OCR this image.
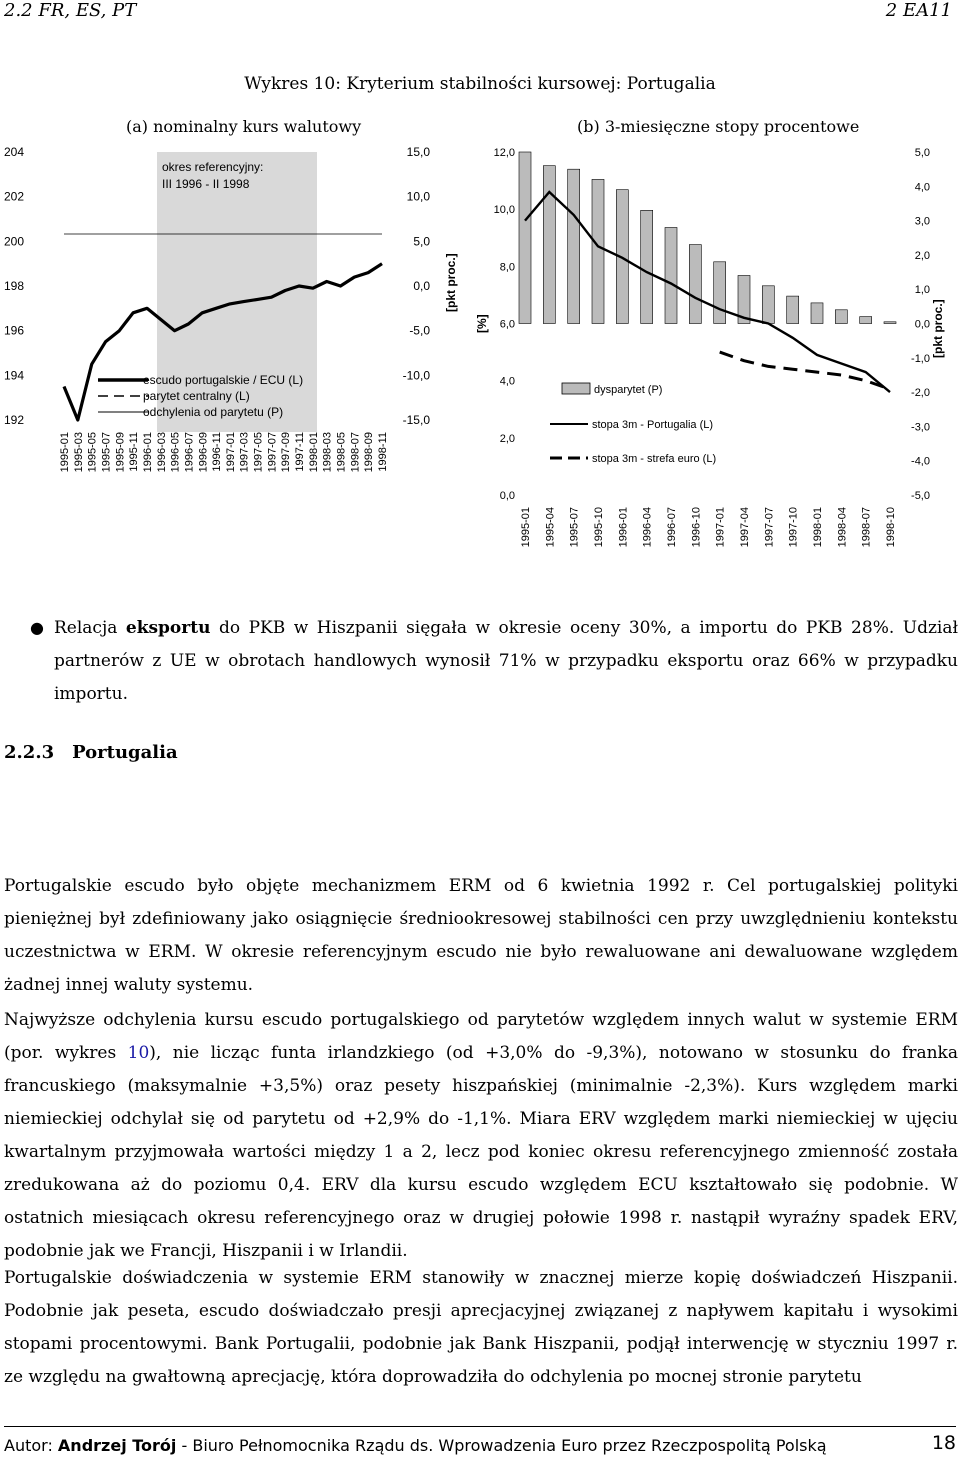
2.2 FR, ES, PT	2 EA11
Wykres 10: Kryterium stabilności kursowej: Portugalia
(a) nominalny kurs walutowy	(b) 3-miesięczne stopy procentowe
okres referencyjny:
III 1996 - II 1998
204
202
200
198
196
194
192
15,0
10,0
5,0
0,0
-5,0
-10,0
-15,0
1995-01 1995-03 1995-05 1995-07 1995-09 1995-11 1996-01 1996-03 1996-05 1996-07 1996-09 1996-11 1997-01 1997-03 1997-05 1997-07 1997-09 1997-11 1998-01 1998-03 1998-05 1998-07 1998-09 1998-11
escudo portugalskie / ECU (L)
parytet centralny (L)
odchylenia od parytetu (P)
[pkt proc.]
12,0
10,0
8,0
6,0
4,0
2,0
0,0
5,0
4,0
3,0
2,0
1,0
0,0
-1,0
-2,0
-3,0
-4,0
-5,0
1995-01 1995-04 1995-07 1995-10 1996-01 1996-04 1996-07 1996-10 1997-01 1997-04 1997-07 1997-10 1998-01 1998-04 1998-07 1998-10
dysparytet (P)
stopa 3m - Portugalia (L)
stopa 3m - strefa euro (L)
[%]	[pkt proc.]
● Relacja eksportu do PKB w Hiszpanii sięgała w okresie oceny 30%, a importu do PKB 28%. Udział partnerów z UE w obrotach handlowych wynosił 71% w przypadku eksportu oraz 66% w przypadku importu.
2.2.3 Portugalia
Portugalskie escudo było objęte mechanizmem ERM od 6 kwietnia 1992 r. Cel portugalskiej polityki pieniężnej był zdefiniowany jako osiągnięcie średniookresowej stabilności cen przy uwzględnieniu kontekstu uczestnictwa w ERM. W okresie referencyjnym escudo nie było rewaluowane ani dewaluowane względem żadnej innej waluty systemu.
Najwyższe odchylenia kursu escudo portugalskiego od parytetów względem innych walut w systemie ERM (por. wykres 10), nie licząc funta irlandzkiego (od +3,0% do -9,3%), notowano w stosunku do franka francuskiego (maksymalnie +3,5%) oraz pesety hiszpańskiej (minimalnie -2,3%). Kurs względem marki niemieckiej odchylał się od parytetu od +2,9% do -1,1%. Miara ERV względem marki niemieckiej w ujęciu kwartalnym przyjmowała wartości między 1 a 2, lecz pod koniec okresu referencyjnego zmienność została zredukowana aż do poziomu 0,4. ERV dla kursu escudo względem ECU kształtowało się podobnie. W ostatnich miesiącach okresu referencyjnego oraz w drugiej połowie 1998 r. nastąpił wyraźny spadek ERV, podobnie jak we Francji, Hiszpanii i w Irlandii.
Portugalskie doświadczenia w systemie ERM stanowiły w znacznej mierze kopię doświadczeń Hiszpanii. Podobnie jak peseta, escudo doświadczało presji aprecjacyjnej związanej z napływem kapitału i wysokimi stopami procentowymi. Bank Portugalii, podobnie jak Bank Hiszpanii, podjął interwencję w styczniu 1997 r. ze względu na gwałtowną aprecjację, która doprowadziła do odchylenia po mocnej stronie parytetu
Autor: Andrzej Torój - Biuro Pełnomocnika Rządu ds. Wprowadzenia Euro przez Rzeczpospolitą Polską	18
